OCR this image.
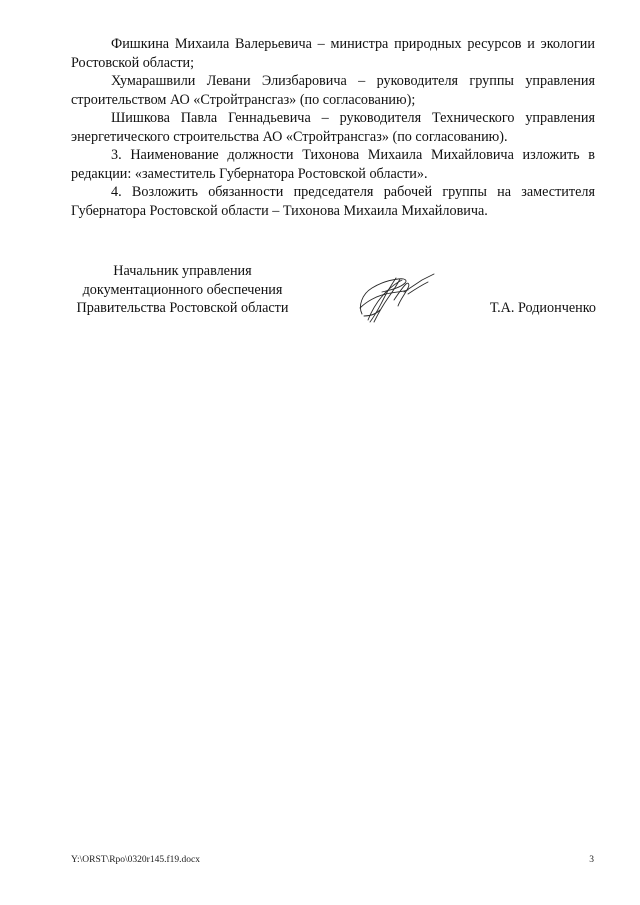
Фишкина Михаила Валерьевича – министра природных ресурсов и экологии Ростовской области;

Хумарашвили Левани Элизбаровича – руководителя группы управления строительством АО «Стройтрансгаз» (по согласованию);

Шишкова Павла Геннадьевича – руководителя Технического управления энергетического строительства АО «Стройтрансгаз» (по согласованию).

3. Наименование должности Тихонова Михаила Михайловича изложить в редакции: «заместитель Губернатора Ростовской области».

4. Возложить обязанности председателя рабочей группы на заместителя Губернатора Ростовской области – Тихонова Михаила Михайловича.

Начальник управления
документационного обеспечения
Правительства Ростовской области	Т.А. Родионченко
Y:\ORST\Rpo\0320r145.f19.docx	3
